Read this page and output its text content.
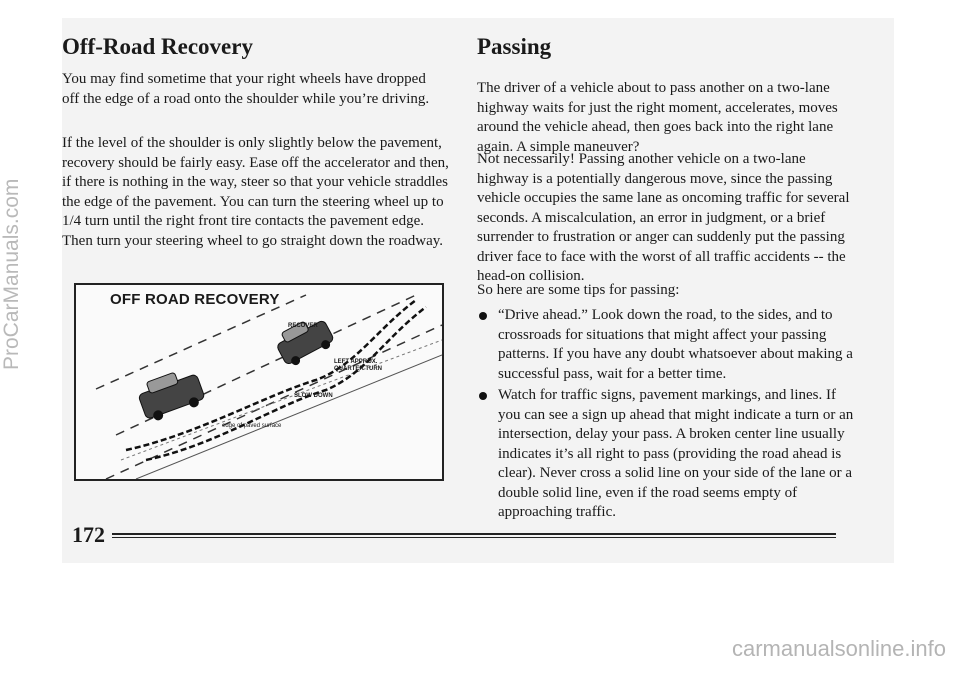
Off-Road Recovery

You may find sometime that your right wheels have dropped off the edge of a road onto the shoulder while you’re driving.

If the level of the shoulder is only slightly below the pavement, recovery should be fairly easy. Ease off the accelerator and then, if there is nothing in the way, steer so that your vehicle straddles the edge of the pavement. You can turn the steering wheel up to 1/4 turn until the right front tire contacts the pavement edge. Then turn your steering wheel to go straight down the roadway.

OFF ROAD RECOVERY
RECOVER
LEFT APPROX.
QUARTER TURN
SLOW DOWN
edge of paved surface
Passing

The driver of a vehicle about to pass another on a two-lane highway waits for just the right moment, accelerates, moves around the vehicle ahead, then goes back into the right lane again. A simple maneuver?

Not necessarily! Passing another vehicle on a two-lane highway is a potentially dangerous move, since the passing vehicle occupies the same lane as oncoming traffic for several seconds. A miscalculation, an error in judgment, or a brief surrender to frustration or anger can suddenly put the passing driver face to face with the worst of all traffic accidents -- the head-on collision.

So here are some tips for passing:

“Drive ahead.” Look down the road, to the sides, and to crossroads for situations that might affect your passing patterns. If you have any doubt whatsoever about making a successful pass, wait for a better time.
Watch for traffic signs, pavement markings, and lines. If you can see a sign up ahead that might indicate a turn or an intersection, delay your pass. A broken center line usually indicates it’s all right to pass (providing the road ahead is clear). Never cross a solid line on your side of the lane or a double solid line, even if the road seems empty of approaching traffic.
172
ProCarManuals.com
carmanualsonline.info
